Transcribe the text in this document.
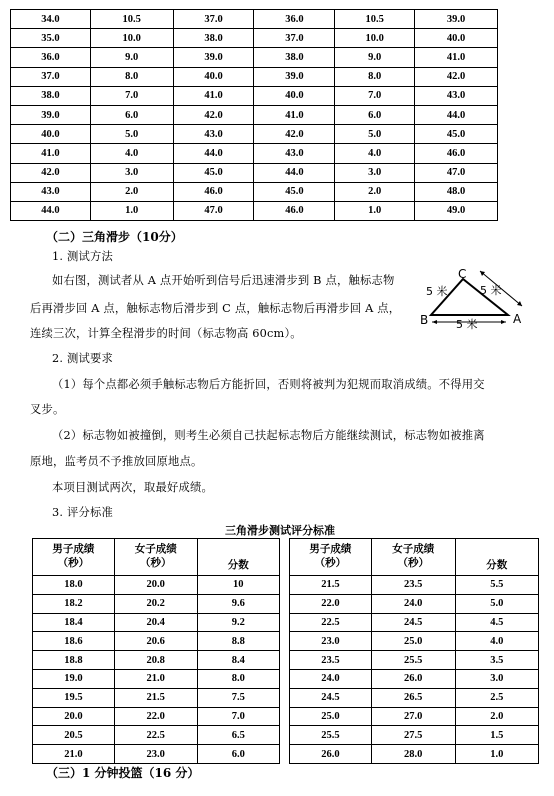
34.0	10.5	37.0	36.0	10.5	39.0
35.0	10.0	38.0	37.0	10.0	40.0
36.0	9.0	39.0	38.0	9.0	41.0
37.0	8.0	40.0	39.0	8.0	42.0
38.0	7.0	41.0	40.0	7.0	43.0
39.0	6.0	42.0	41.0	6.0	44.0
40.0	5.0	43.0	42.0	5.0	45.0
41.0	4.0	44.0	43.0	4.0	46.0
42.0	3.0	45.0	44.0	3.0	47.0
43.0	2.0	46.0	45.0	2.0	48.0
44.0	1.0	47.0	46.0	1.0	49.0
（二）三角滑步（10分）
1. 测试方法
如右图，测试者从 A 点开始听到信号后迅速滑步到 B 点，触标志物
后再滑步回 A 点，触标志物后滑步到 C 点，触标志物后再滑步回 A 点，
连续三次，计算全程滑步的时间（标志物高 60cm）。
C
B	A
5 米	5 米
5 米
2. 测试要求
（1）每个点都必须手触标志物后方能折回，否则将被判为犯规而取消成绩。不得用交
叉步。
（2）标志物如被撞倒，则考生必须自己扶起标志物后方能继续测试，标志物如被推离
原地，监考员不予推放回原地点。
本项目测试两次，取最好成绩。
3. 评分标准
三角滑步测试评分标准
男子成绩
（秒）	女子成绩
（秒）	分数

18.0	20.0	10
18.2	20.2	9.6
18.4	20.4	9.2
18.6	20.6	8.8
18.8	20.8	8.4
19.0	21.0	8.0
19.5	21.5	7.5
20.0	22.0	7.0
20.5	22.5	6.5
21.0	23.0	6.0
男子成绩
（秒）	女子成绩
（秒）	分数

21.5	23.5	5.5
22.0	24.0	5.0
22.5	24.5	4.5
23.0	25.0	4.0
23.5	25.5	3.5
24.0	26.0	3.0
24.5	26.5	2.5
25.0	27.0	2.0
25.5	27.5	1.5
26.0	28.0	1.0
（三）1 分钟投篮（16 分）
